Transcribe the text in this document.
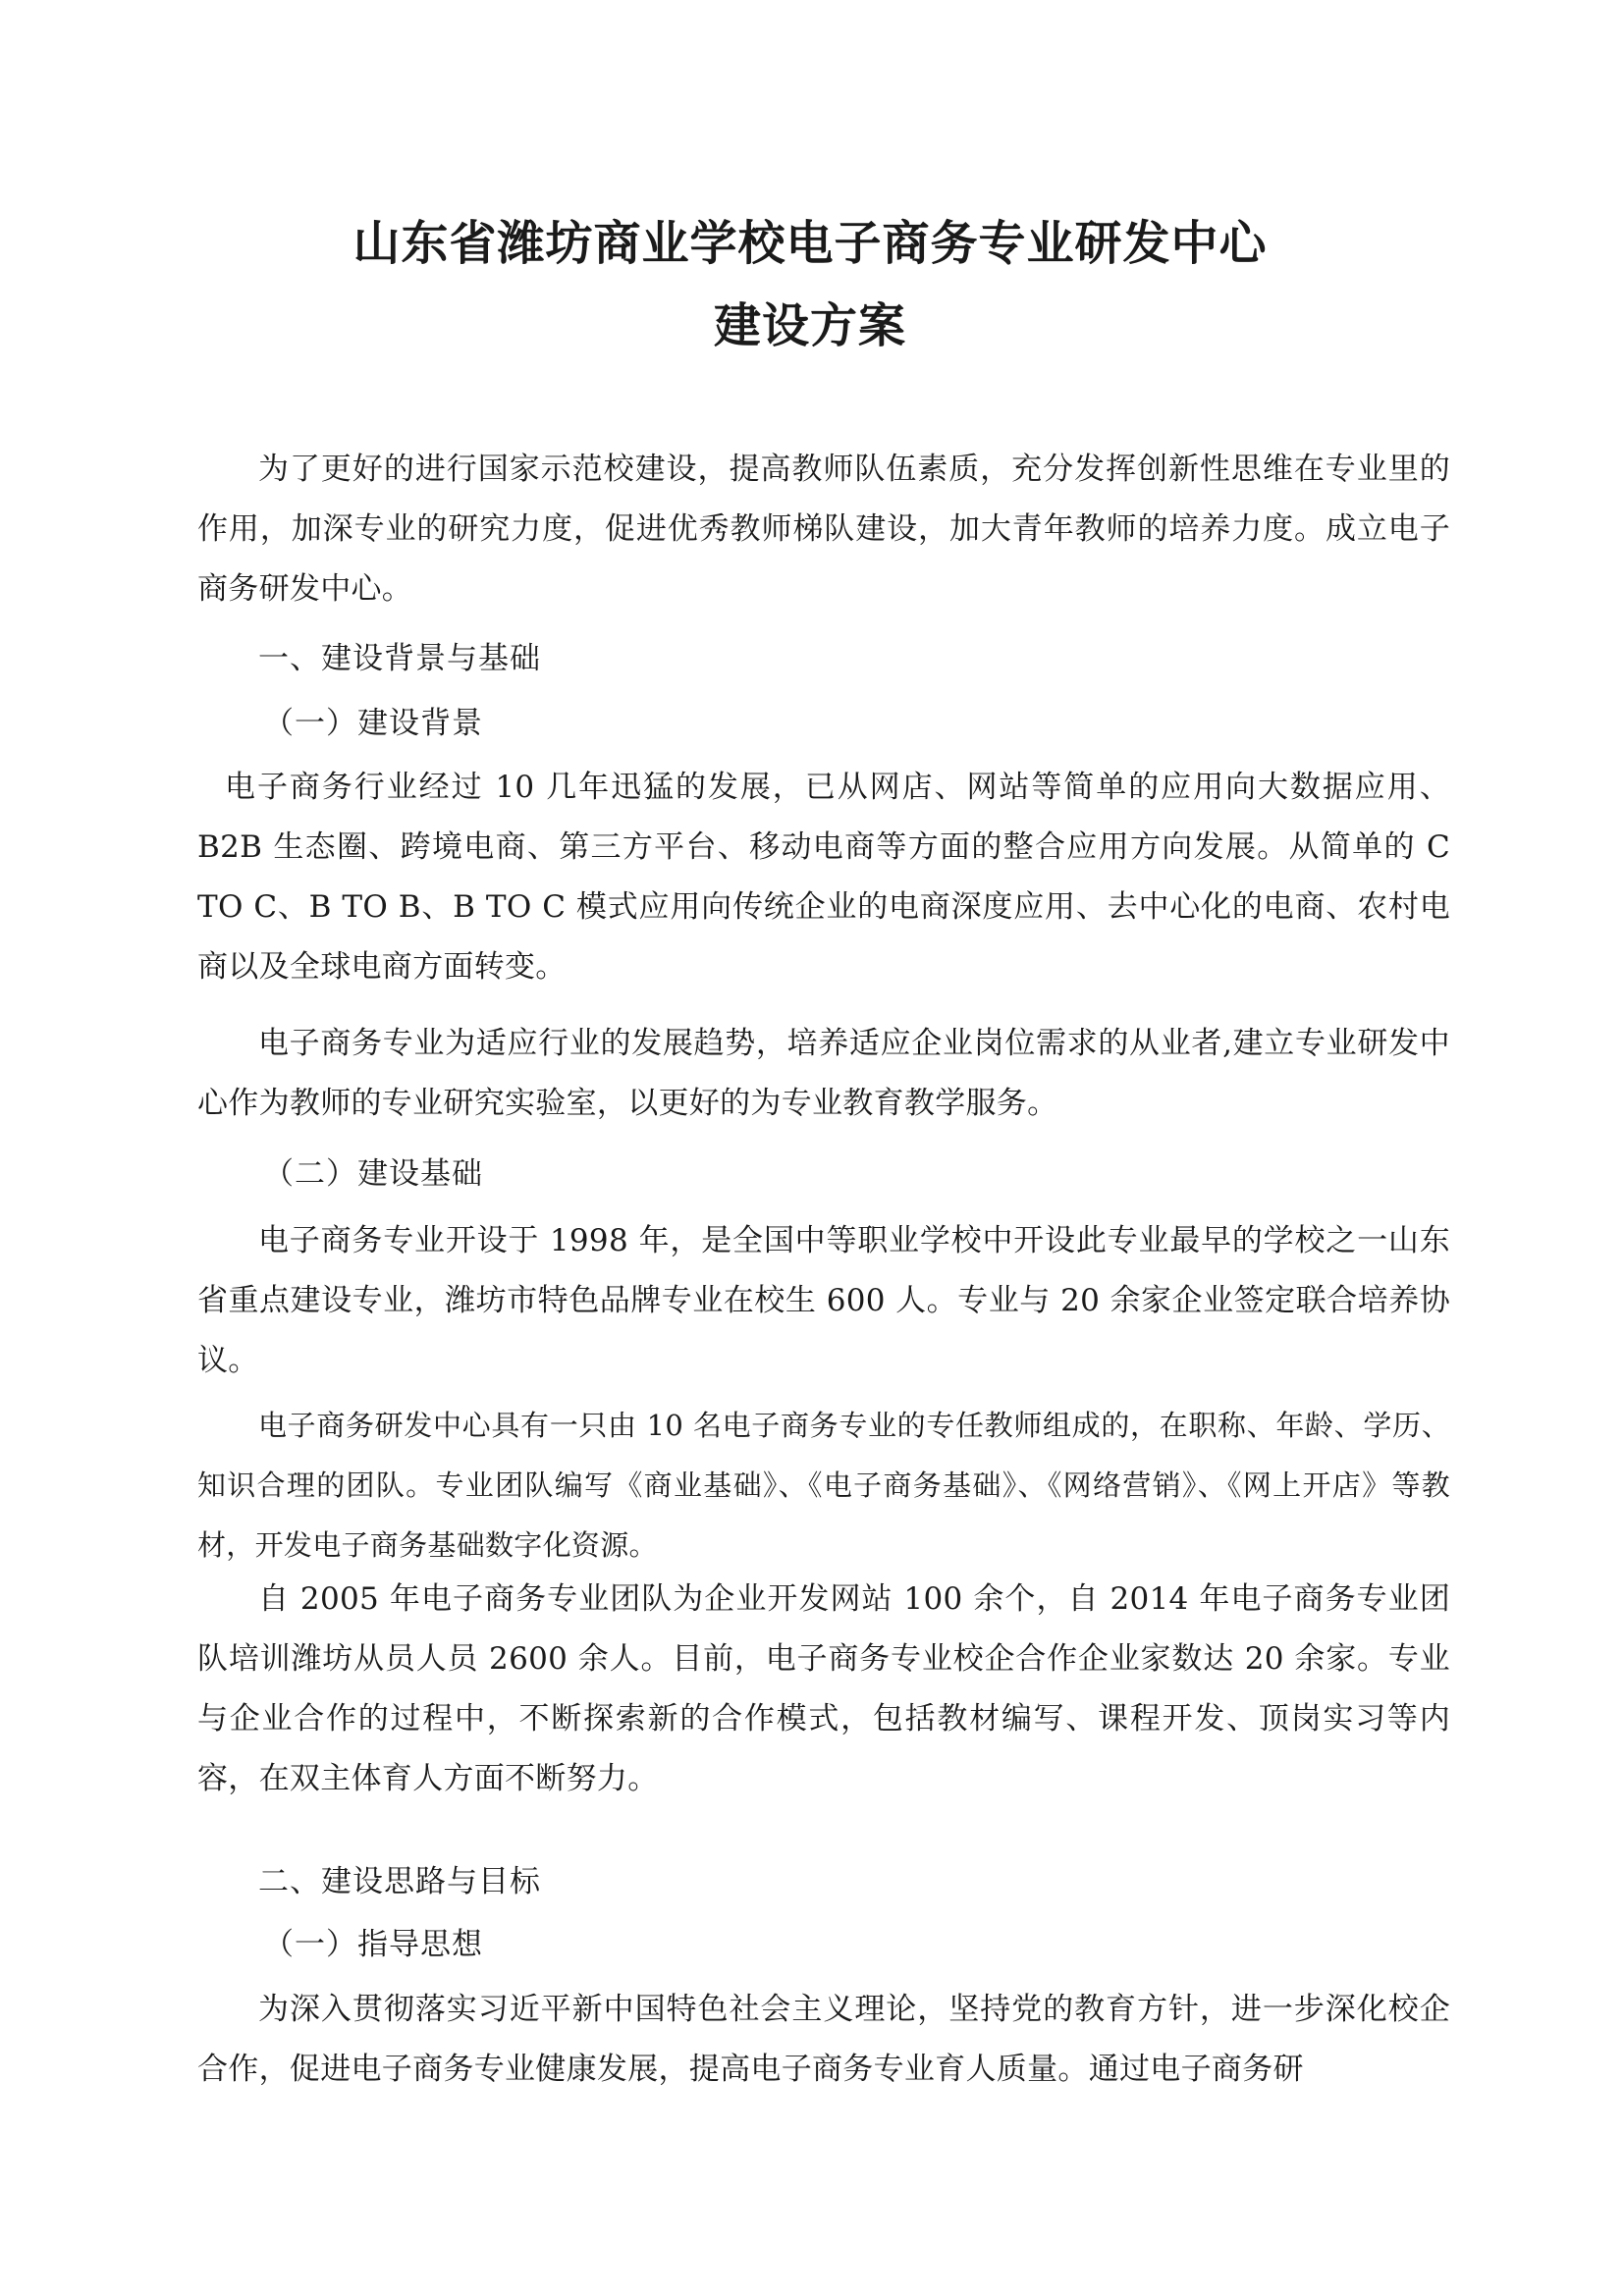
山东省潍坊商业学校电子商务专业研发中心
建设方案

为了更好的进行国家示范校建设，提高教师队伍素质，充分发挥创新性思维在专业里的作用，加深专业的研究力度，促进优秀教师梯队建设，加大青年教师的培养力度。成立电子商务研发中心。

一、建设背景与基础
（一）建设背景

电子商务行业经过 10 几年迅猛的发展，已从网店、网站等简单的应用向大数据应用、B2B 生态圈、跨境电商、第三方平台、移动电商等方面的整合应用方向发展。从简单的 C TO C、B TO B、B TO C 模式应用向传统企业的电商深度应用、去中心化的电商、农村电商以及全球电商方面转变。

电子商务专业为适应行业的发展趋势，培养适应企业岗位需求的从业者,建立专业研发中心作为教师的专业研究实验室，以更好的为专业教育教学服务。

（二）建设基础

电子商务专业开设于 1998 年，是全国中等职业学校中开设此专业最早的学校之一山东省重点建设专业，潍坊市特色品牌专业在校生 600 人。专业与 20 余家企业签定联合培养协议。

电子商务研发中心具有一只由 10 名电子商务专业的专任教师组成的，在职称、年龄、学历、知识合理的团队。专业团队编写《商业基础》、《电子商务基础》、《网络营销》、《网上开店》等教材，开发电子商务基础数字化资源。

自 2005 年电子商务专业团队为企业开发网站 100 余个，自 2014 年电子商务专业团队培训潍坊从员人员 2600 余人。目前，电子商务专业校企合作企业家数达 20 余家。专业与企业合作的过程中，不断探索新的合作模式，包括教材编写、课程开发、顶岗实习等内容，在双主体育人方面不断努力。

二、建设思路与目标
（一）指导思想

为深入贯彻落实习近平新中国特色社会主义理论，坚持党的教育方针，进一步深化校企合作，促进电子商务专业健康发展，提高电子商务专业育人质量。通过电子商务研
